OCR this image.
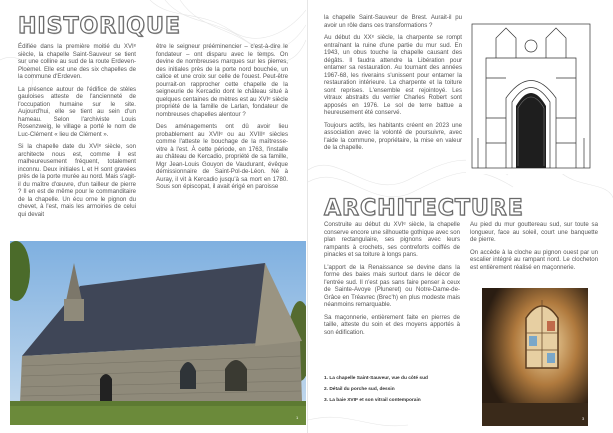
HISTORIQUE

Édifiée dans la première moitié du XVIᵉ siècle, la chapelle Saint-Sauveur se tient sur une colline au sud de la route Erdeven-Ploemel. Elle est une des six chapelles de la commune d'Erdeven.

La présence autour de l'édifice de stèles gauloises atteste de l'ancienneté de l'occupation humaine sur le site. Aujourd'hui, elle se tient au sein d'un hameau. Selon l'archiviste Louis Rosenzweig, le village a porté le nom de Luc-Clément « lieu de Clément ».

Si la chapelle date du XVIᵉ siècle, son architecte nous est, comme il est malheureusement fréquent, totalement inconnu. Deux initiales L et H sont gravées près de la porte murée au nord. Mais s'agit-il du maître d'œuvre, d'un tailleur de pierre ? Il en est de même pour le commanditaire de la chapelle. Un écu orne le pignon du chevet, à l'est, mais les armoiries de celui qui devait

être le seigneur prééminencier – c'est-à-dire le fondateur – ont disparu avec le temps. On devine de nombreuses marques sur les pierres, des initiales près de la porte nord bouchée, un calice et une croix sur celle de l'ouest. Peut-être pourrait-on rapprocher cette chapelle de la seigneurie de Kercadio dont le château situé à quelques centaines de mètres est au XVIᵉ siècle propriété de la famille de Larlan, fondateur de nombreuses chapelles alentour ?

Des aménagements ont dû avoir lieu probablement au XVIIᵉ ou au XVIIIᵉ siècles comme l'atteste le bouchage de la maîtresse-vitre à l'est. À cette période, en 1763, l'installe au château de Kercadio, propriété de sa famille, Mgr Jean-Louis Gouyon de Vaudurant, évêque démissionnaire de Saint-Pol-de-Léon. Né à Auray, il vit à Kercadio jusqu'à sa mort en 1780. Sous son épiscopat, il avait érigé en paroisse

1

la chapelle Saint-Sauveur de Brest. Aurait-il pu avoir un rôle dans ces transformations ?

Au début du XXᵉ siècle, la charpente se rompt entraînant la ruine d'une partie du mur sud. En 1943, un obus touche la chapelle causant des dégâts. Il faudra attendre la Libération pour entamer sa restauration. Au tournant des années 1967-68, les riverains s'unissent pour entamer la restauration intérieure. La charpente et la toiture sont reprises. L'ensemble est rejointoyé. Les vitraux abstraits du verrier Charles Robert sont apposés en 1976. Le sol de terre battue a heureusement été conservé.

Toujours actifs, les habitants créent en 2023 une association avec la volonté de poursuivre, avec l'aide la commune, propriétaire, la mise en valeur de la chapelle.

ARCHITECTURE

Construite au début du XVIᵉ siècle, la chapelle conserve encore une silhouette gothique avec son plan rectangulaire, ses pignons avec leurs rampants à crochets, ses contreforts coiffés de pinacles et sa toiture à longs pans.

L'apport de la Renaissance se devine dans la forme des baies mais surtout dans le décor de l'entrée sud. Il n'est pas sans faire penser à ceux de Sainte-Avoye (Pluneret) ou Notre-Dame-de-Grâce en Tréavrec (Brec'h) en plus modeste mais néanmoins remarquable.

Sa maçonnerie, entièrement faite en pierres de taille, atteste du soin et des moyens apportés à son édification.

Au pied du mur gouttereau sud, sur toute sa longueur, face au soleil, court une banquette de pierre.

On accède à la cloche au pignon ouest par un escalier intégré au rampant nord. Le clocheton est entièrement réalisé en maçonnerie.

1. La chapelle Saint-Sauveur, vue du côté sud
2. Détail du porche sud, dessin
3. La baie XVIIᵉ et son vitrail contemporain
3
